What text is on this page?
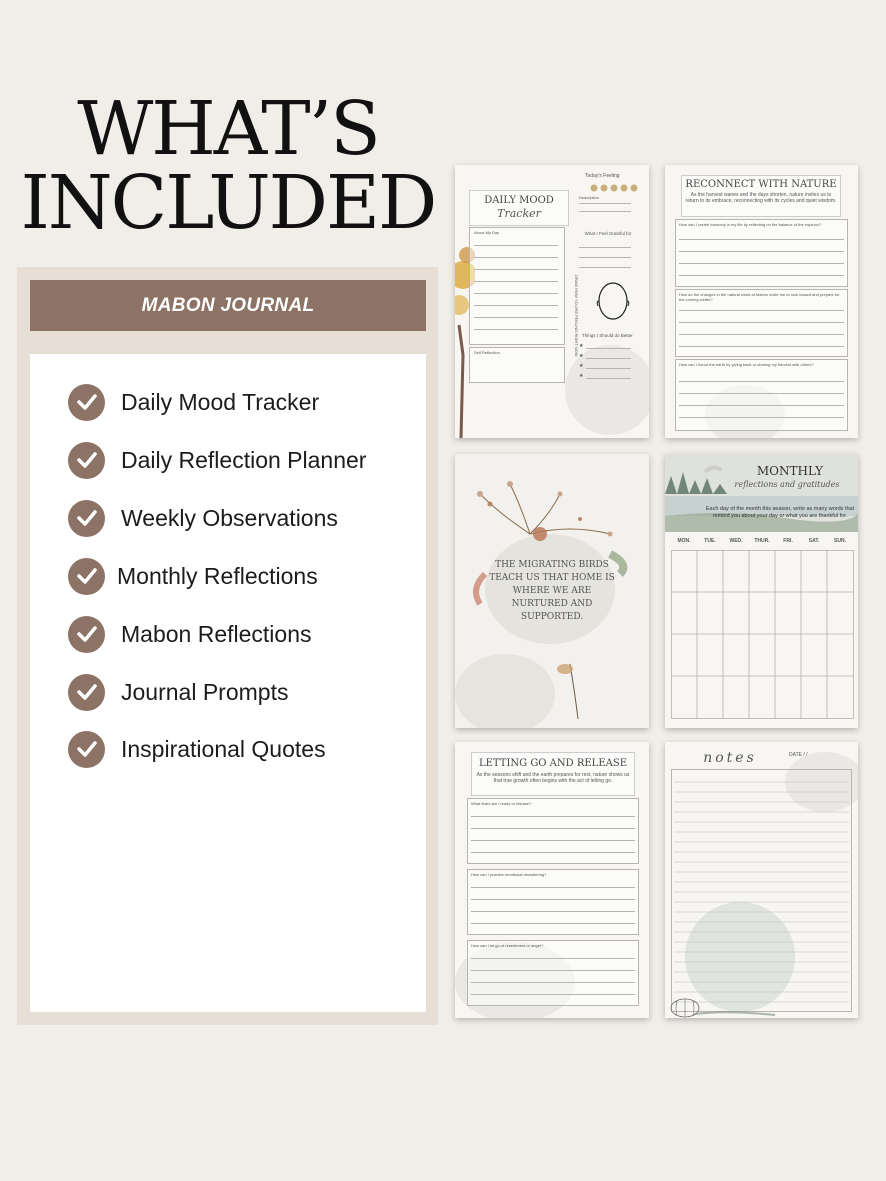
WHAT’S
INCLUDED
MABON JOURNAL
Daily Mood Tracker
Daily Reflection Planner
Weekly Observations
Monthly Reflections
Mabon Reflections
Journal Prompts
Inspirational Quotes
DAILY MOOD
Tracker
Today's Feeling
Description
About My Day
Self Reflection
What I Feel Grateful for
DRAW HOW YOU'RE FEELING RIGHT NOW Things I Should do Better
★
★
★
★
RECONNECT WITH NATURE
As the harvest wanes and the days shorten, nature invites us to return to its embrace, reconnecting with its cycles and quiet wisdom.
How can I create harmony in my life by reflecting on the balance of the equinox?
How do the changes in the natural world at Mabon invite me to look inward and prepare for the coming winter?
How can I honor the earth by giving back or sharing my harvest with others?
THE MIGRATING BIRDS TEACH US THAT HOME IS WHERE WE ARE NURTURED AND SUPPORTED.
MONTHLY
reflections and gratitudes
Each day of the month this season, write as many words that remind you about your day or what you are thankful for.
MON.	TUE.	WED.	THUR.	FRI.	SAT.	SUN.
LETTING GO AND RELEASE
As the seasons shift and the earth prepares for rest, nature shows us that true growth often begins with the act of letting go.
What fears am I ready to release?
How can I practice emotional decluttering?
How can I let go of resentment or anger?
notes	DATE / /
